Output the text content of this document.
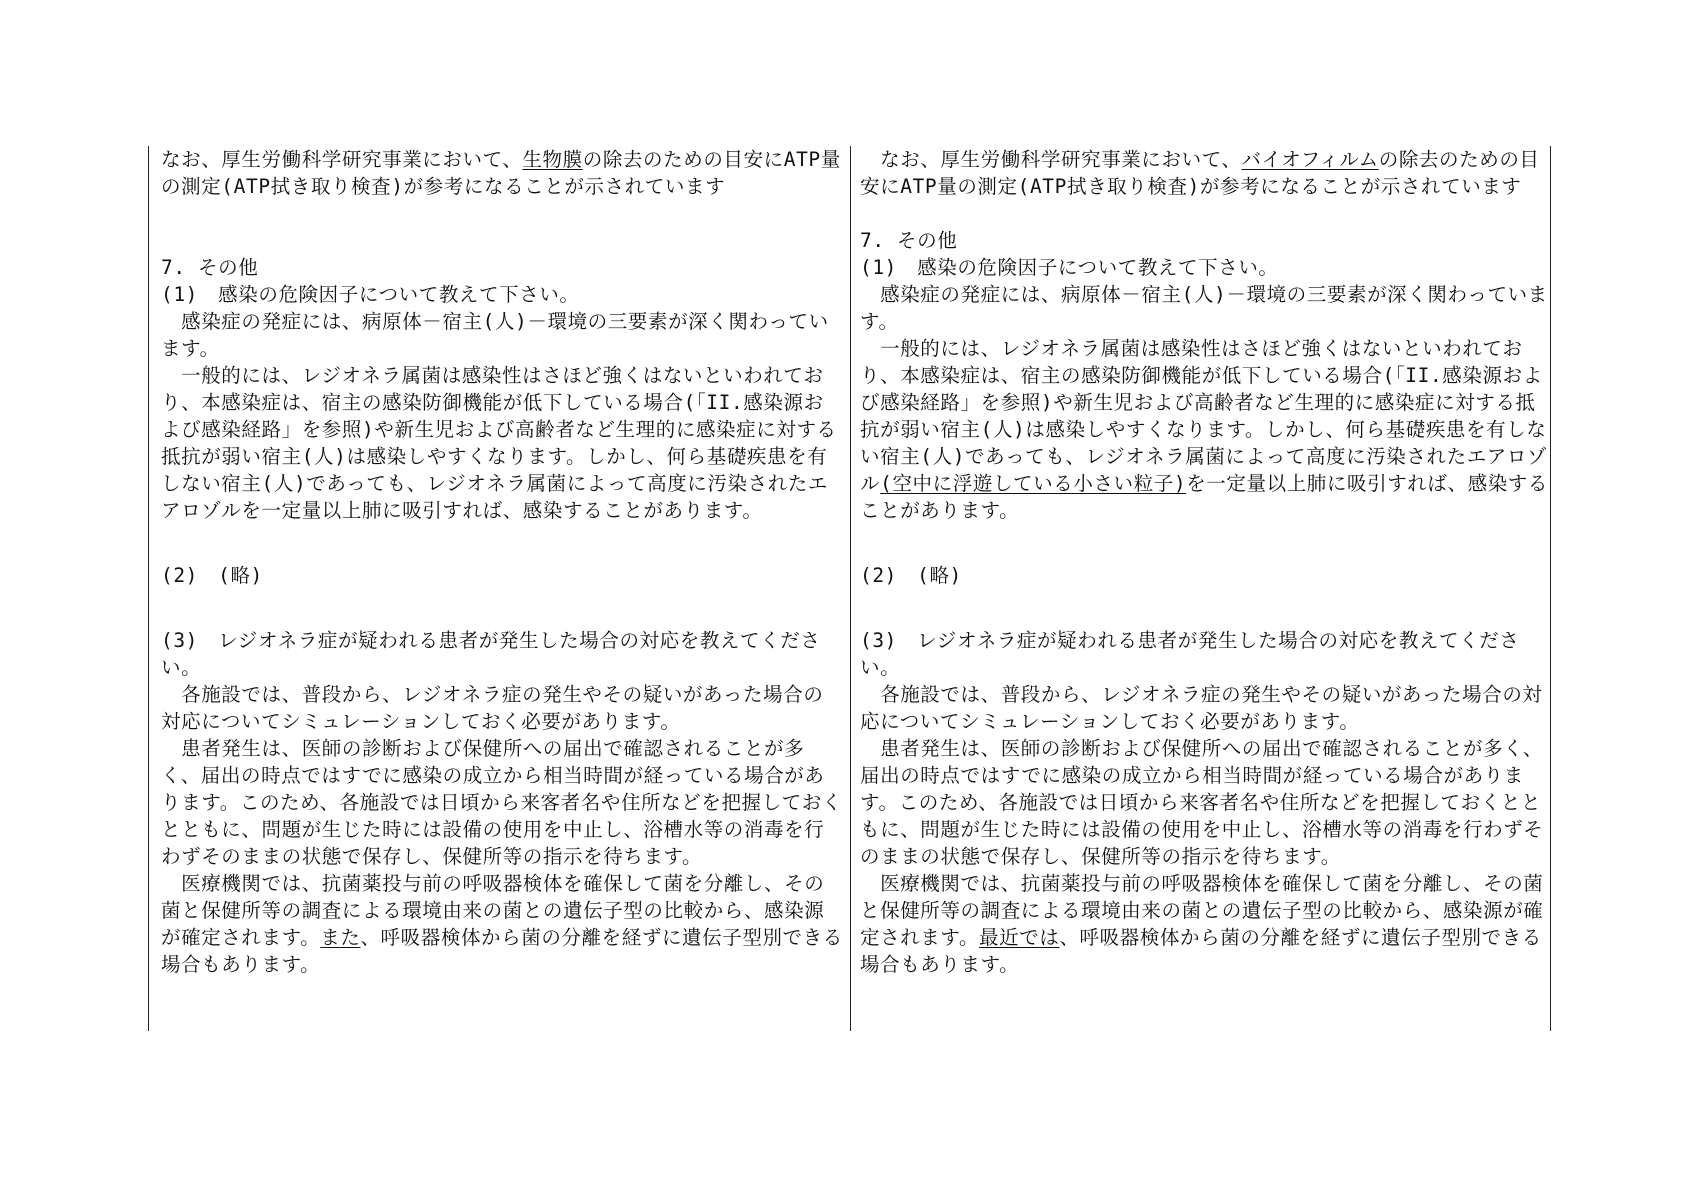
なお、厚生労働科学研究事業において、生物膜の除去のための目安にATP量の測定(ATP拭き取り検査)が参考になることが示されています

7. その他

(1)　感染の危険因子について教えて下さい。

　感染症の発症には、病原体－宿主(人)－環境の三要素が深く関わっています。

　一般的には、レジオネラ属菌は感染性はさほど強くはないといわれており、本感染症は、宿主の感染防御機能が低下している場合(「II.感染源および感染経路」を参照)や新生児および高齢者など生理的に感染症に対する抵抗が弱い宿主(人)は感染しやすくなります。しかし、何ら基礎疾患を有しない宿主(人)であっても、レジオネラ属菌によって高度に汚染されたエアロゾルを一定量以上肺に吸引すれば、感染することがあります。

(2)　(略)

(3)　レジオネラ症が疑われる患者が発生した場合の対応を教えてください。

　各施設では、普段から、レジオネラ症の発生やその疑いがあった場合の対応についてシミュレーションしておく必要があります。

　患者発生は、医師の診断および保健所への届出で確認されることが多く、届出の時点ではすでに感染の成立から相当時間が経っている場合があります。このため、各施設では日頃から来客者名や住所などを把握しておくとともに、問題が生じた時には設備の使用を中止し、浴槽水等の消毒を行わずそのままの状態で保存し、保健所等の指示を待ちます。

　医療機関では、抗菌薬投与前の呼吸器検体を確保して菌を分離し、その菌と保健所等の調査による環境由来の菌との遺伝子型の比較から、感染源が確定されます。また、呼吸器検体から菌の分離を経ずに遺伝子型別できる場合もあります。

　なお、厚生労働科学研究事業において、バイオフィルムの除去のための目安にATP量の測定(ATP拭き取り検査)が参考になることが示されています

7. その他

(1)　感染の危険因子について教えて下さい。

　感染症の発症には、病原体－宿主(人)－環境の三要素が深く関わっています。

　一般的には、レジオネラ属菌は感染性はさほど強くはないといわれており、本感染症は、宿主の感染防御機能が低下している場合(「II.感染源および感染経路」を参照)や新生児および高齢者など生理的に感染症に対する抵抗が弱い宿主(人)は感染しやすくなります。しかし、何ら基礎疾患を有しない宿主(人)であっても、レジオネラ属菌によって高度に汚染されたエアロゾル(空中に浮遊している小さい粒子)を一定量以上肺に吸引すれば、感染することがあります。

(2)　(略)

(3)　レジオネラ症が疑われる患者が発生した場合の対応を教えてください。

　各施設では、普段から、レジオネラ症の発生やその疑いがあった場合の対応についてシミュレーションしておく必要があります。

　患者発生は、医師の診断および保健所への届出で確認されることが多く、届出の時点ではすでに感染の成立から相当時間が経っている場合があります。このため、各施設では日頃から来客者名や住所などを把握しておくとともに、問題が生じた時には設備の使用を中止し、浴槽水等の消毒を行わずそのままの状態で保存し、保健所等の指示を待ちます。

　医療機関では、抗菌薬投与前の呼吸器検体を確保して菌を分離し、その菌と保健所等の調査による環境由来の菌との遺伝子型の比較から、感染源が確定されます。最近では、呼吸器検体から菌の分離を経ずに遺伝子型別できる場合もあります。
